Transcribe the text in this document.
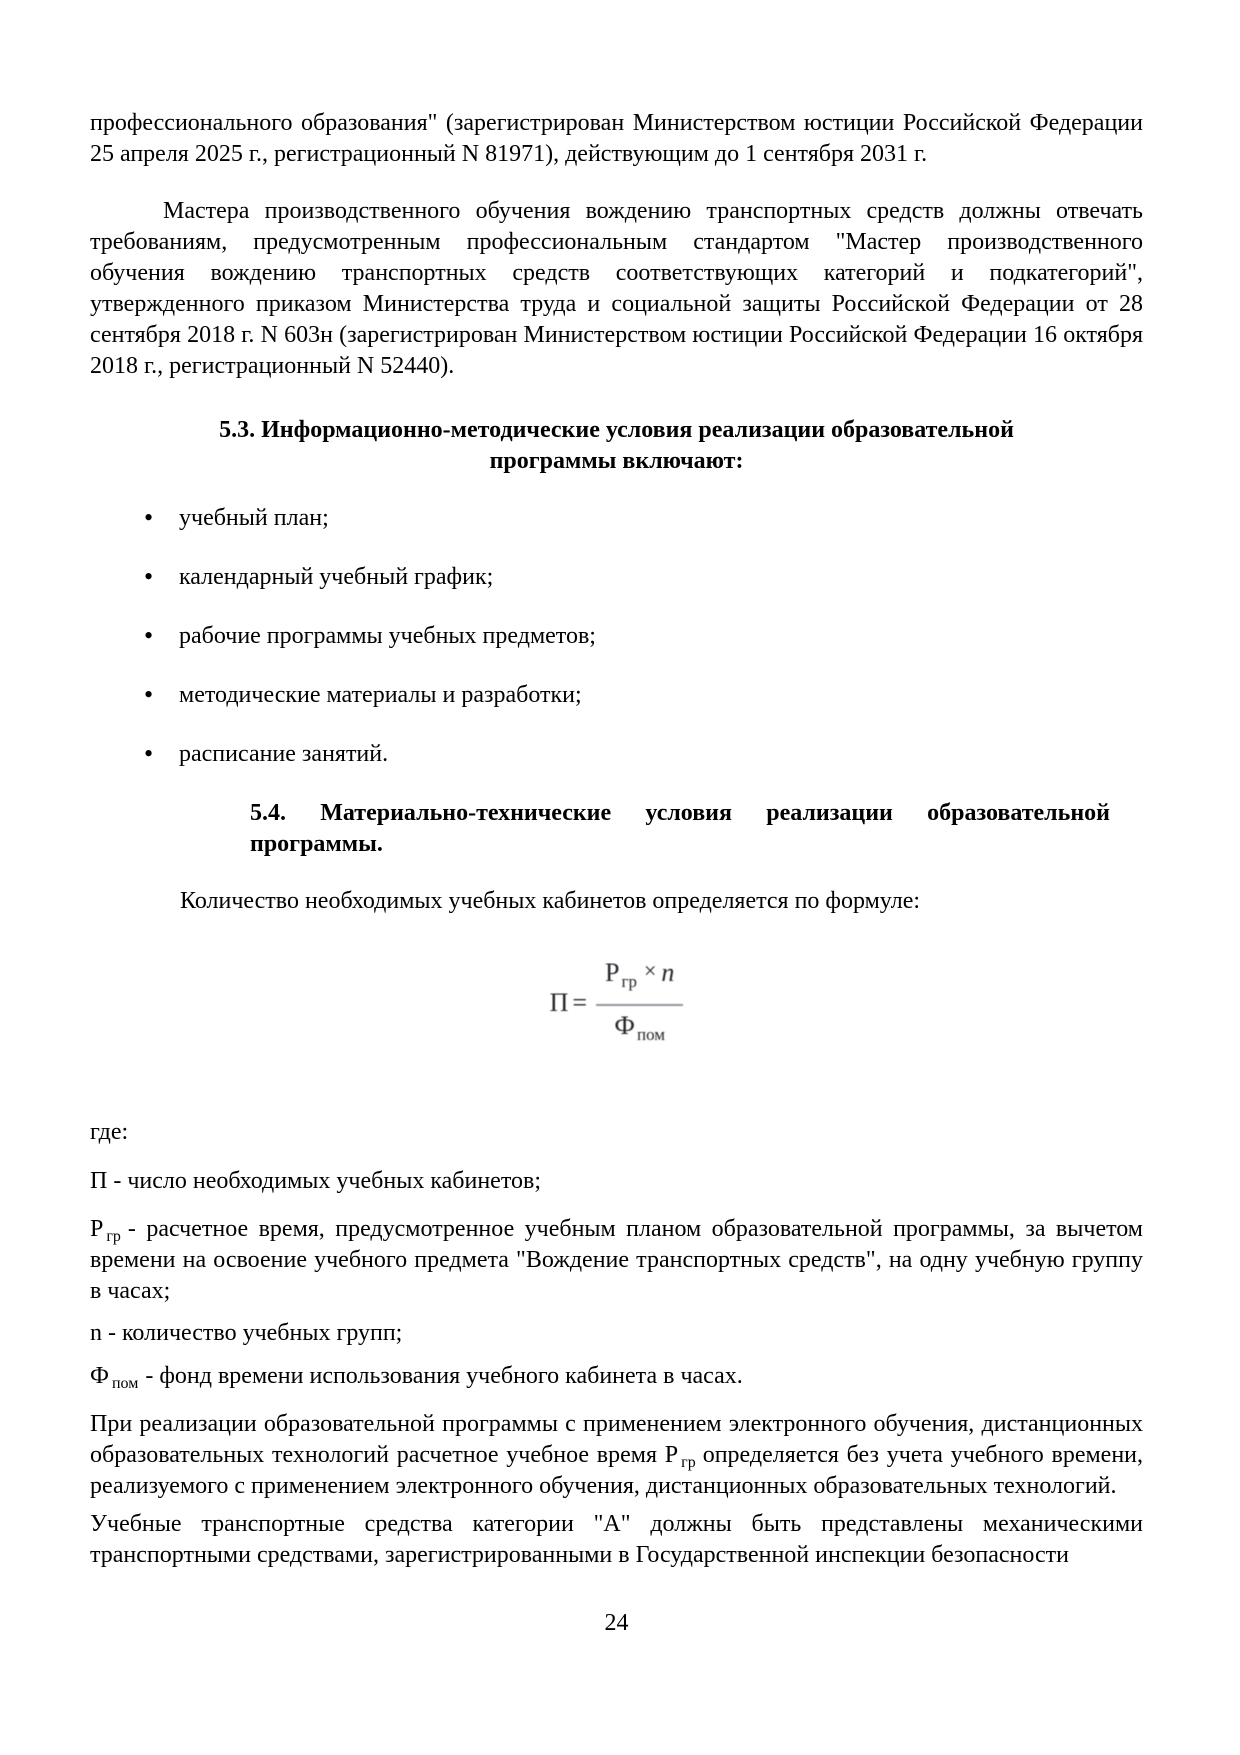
профессионального образования" (зарегистрирован Министерством юстиции Российской Федерации 25 апреля 2025 г., регистрационный N 81971), действующим до 1 сентября 2031 г.

Мастера производственного обучения вождению транспортных средств должны отвечать требованиям, предусмотренным профессиональным стандартом "Мастер производственного обучения вождению транспортных средств соответствующих категорий и подкатегорий", утвержденного приказом Министерства труда и социальной защиты Российской Федерации от 28 сентября 2018 г. N 603н (зарегистрирован Министерством юстиции Российской Федерации 16 октября 2018 г., регистрационный N 52440).

5.3. Информационно-методические условия реализации образовательной программы включают:
• учебный план;
• календарный учебный график;
• рабочие программы учебных предметов;
• методические материалы и разработки;
• расписание занятий.
5.4. Материально-технические условия реализации образовательной программы.

Количество необходимых учебных кабинетов определяется по формуле:

$П = \frac{Р _{гр} \times n}{Ф _{пом}}$

где:

П - число необходимых учебных кабинетов;

Р $_{гр}$ - расчетное время, предусмотренное учебным планом образовательной программы, за вычетом времени на освоение учебного предмета "Вождение транспортных средств", на одну учебную группу в часах;

n - количество учебных групп;

Ф $_{пом}$ - фонд времени использования учебного кабинета в часах.

При реализации образовательной программы с применением электронного обучения, дистанционных образовательных технологий расчетное учебное время Р $_{гр}$ определяется без учета учебного времени, реализуемого с применением электронного обучения, дистанционных образовательных технологий.

Учебные транспортные средства категории "А" должны быть представлены механическими транспортными средствами, зарегистрированными в Государственной инспекции безопасности

24
